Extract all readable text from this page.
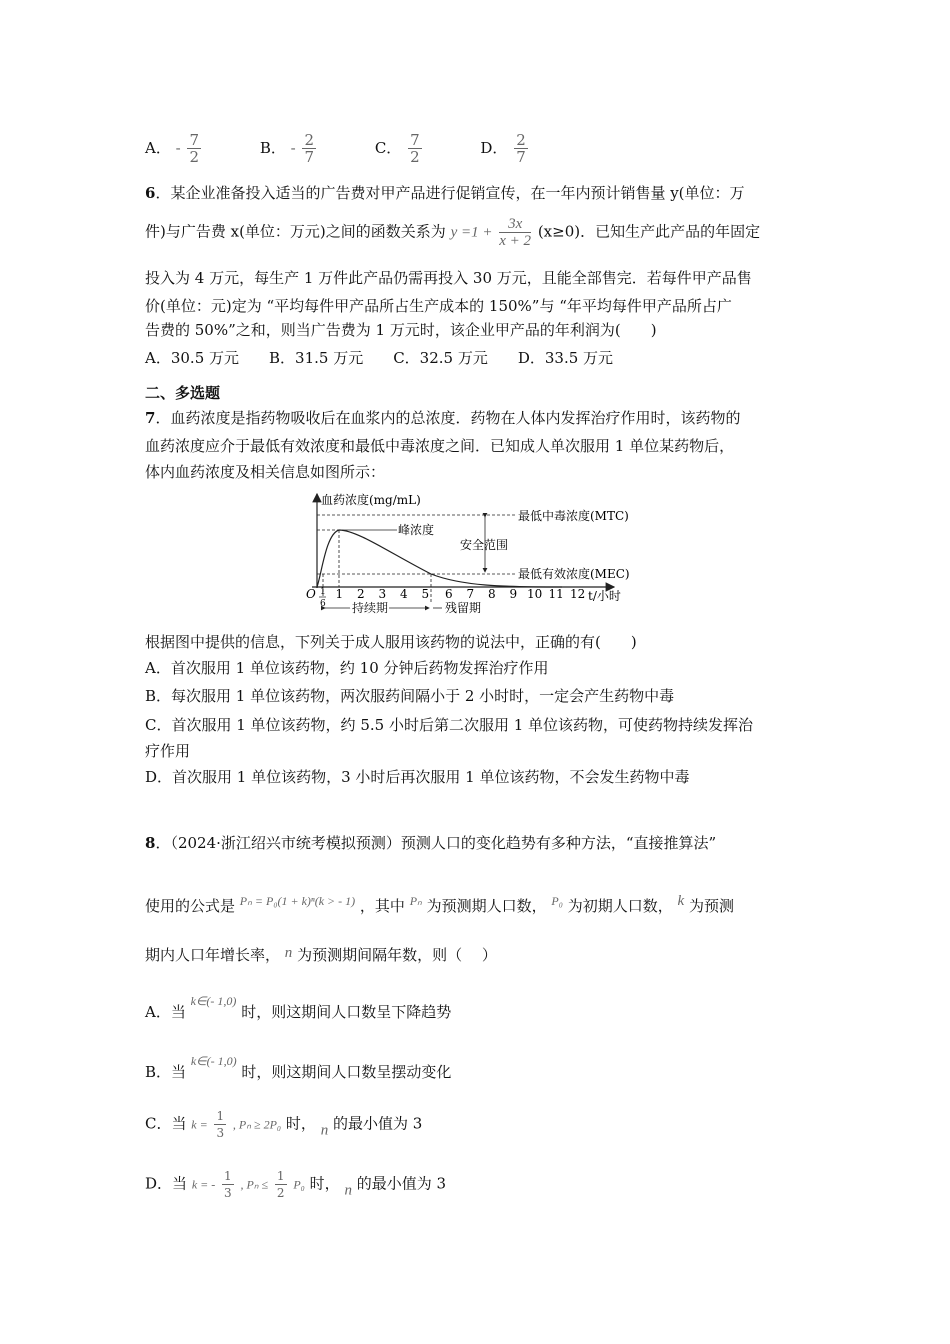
A． - $\frac{7}{2}$	B． - $\frac{2}{7}$	C． $\frac{7}{2}$	D． $\frac{2}{7}$
6．某企业准备投入适当的广告费对甲产品进行促销宣传，在一年内预计销售量 y(单位：万
件)与广告费 x(单位：万元)之间的函数关系为 $y =1 + \frac{3x}{x + 2} (x\ge 0)$．已知生产此产品的年固定
投入为 4 万元，每生产 1 万件此产品仍需再投入 30 万元，且能全部售完．若每件甲产品售
价(单位：元)定为 “平均每件甲产品所占生产成本的 150%”与 “年平均每件甲产品所占广
告费的 50%”之和，则当广告费为 1 万元时，该企业甲产品的年利润为(　　)
A．30.5 万元　　B．31.5 万元　　C．32.5 万元　　D．33.5 万元
二、多选题
7．血药浓度是指药物吸收后在血浆内的总浓度．药物在人体内发挥治疗作用时，该药物的
血药浓度应介于最低有效浓度和最低中毒浓度之间．已知成人单次服用 1 单位某药物后，
体内血药浓度及相关信息如图所示：
血药浓度(mg/mL)
最低中毒浓度(MTC)
最低有效浓度(MEC)
安全范围
峰浓度
O 1
6
1 2 3 4 5 6 7 8 9 10 11 12 t/小时
持续期	残留期
根据图中提供的信息，下列关于成人服用该药物的说法中，正确的有(　　)
A．首次服用 1 单位该药物，约 10 分钟后药物发挥治疗作用
B．每次服用 1 单位该药物，两次服药间隔小于 2 小时时，一定会产生药物中毒
C．首次服用 1 单位该药物，约 5.5 小时后第二次服用 1 单位该药物，可使药物持续发挥治
疗作用
D．首次服用 1 单位该药物，3 小时后再次服用 1 单位该药物，不会发生药物中毒
8．（2024·浙江绍兴市统考模拟预测）预测人口的变化趋势有多种方法，“直接推算法”
使用的公式是 $^{P_n = P_0(1 + k)^n(k > - 1)}$ ，其中 $^{P_n}$ 为预测期人口数， $^{P_0}$ 为初期人口数， k 为预测
期内人口年增长率， n 为预测期间隔年数，则（　 ）
A．当 $^{k\in(- 1,0)}$ 时，则这期间人口数呈下降趋势
B．当 $^{k\in(- 1,0)}$ 时，则这期间人口数呈摆动变化
C．当 $k = \frac{1}{3}$ , Pₙ ≥ 2P₀ 时， n 的最小值为 3
D．当 k = - $\frac{1}{3}$ , $P_n \le \frac{1}{2} P_0$ 时， n 的最小值为 3
